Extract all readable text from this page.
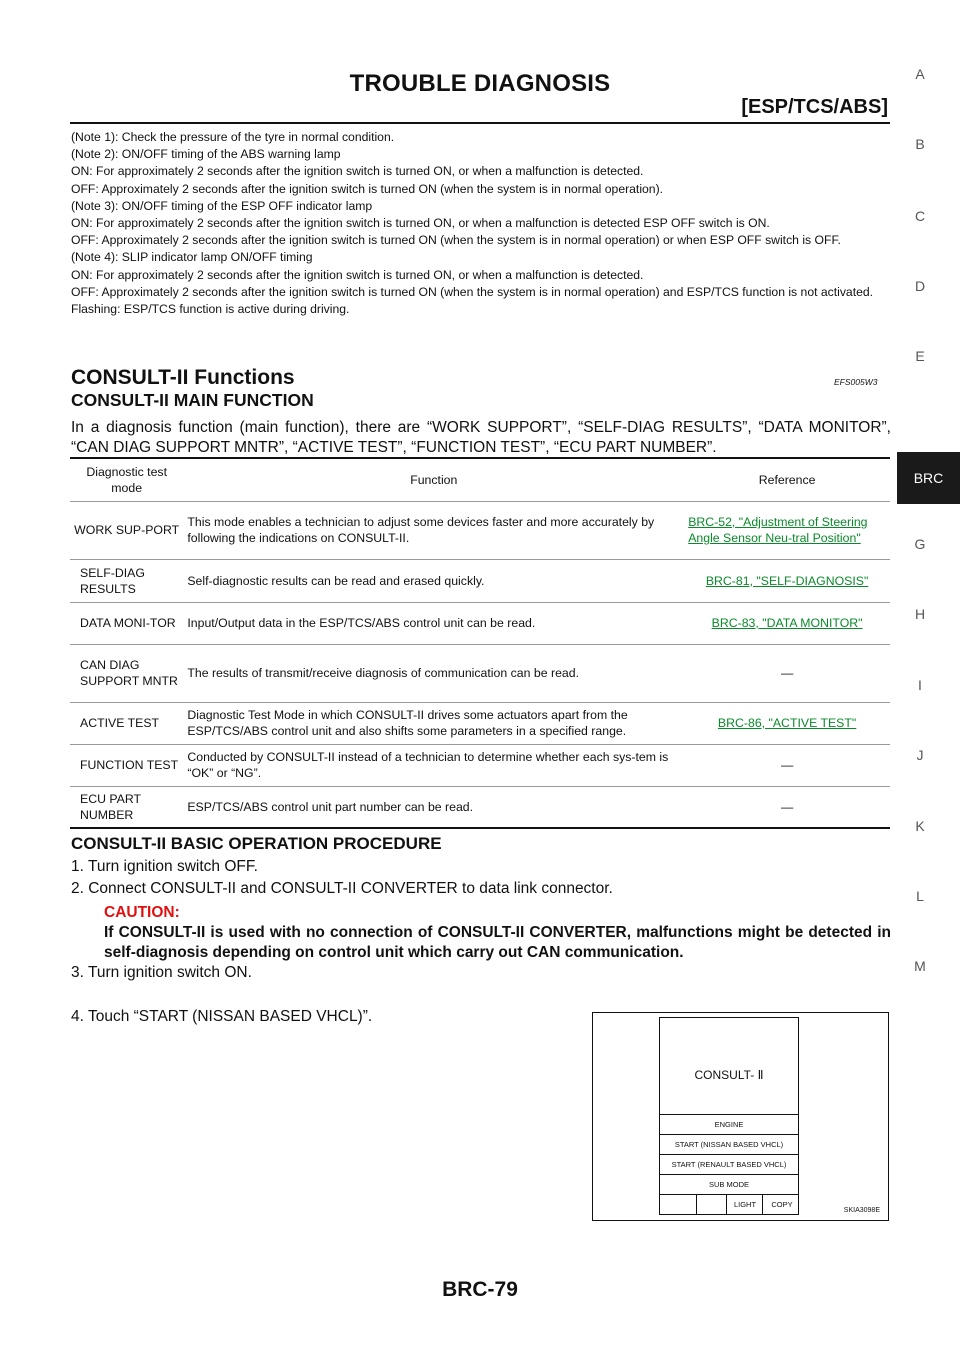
TROUBLE DIAGNOSIS
[ESP/TCS/ABS]

(Note 1): Check the pressure of the tyre in normal condition.

(Note 2): ON/OFF timing of the ABS warning lamp

ON: For approximately 2 seconds after the ignition switch is turned ON, or when a malfunction is detected.

OFF: Approximately 2 seconds after the ignition switch is turned ON (when the system is in normal operation).

(Note 3): ON/OFF timing of the ESP OFF indicator lamp

ON: For approximately 2 seconds after the ignition switch is turned ON, or when a malfunction is detected ESP OFF switch is ON.

OFF: Approximately 2 seconds after the ignition switch is turned ON (when the system is in normal operation) or when ESP OFF switch is OFF.

(Note 4): SLIP indicator lamp ON/OFF timing

ON: For approximately 2 seconds after the ignition switch is turned ON, or when a malfunction is detected.

OFF: Approximately 2 seconds after the ignition switch is turned ON (when the system is in normal operation) and ESP/TCS function is not activated.

Flashing: ESP/TCS function is active during driving.

CONSULT-II Functions	EFS005W3
CONSULT-II MAIN FUNCTION
In a diagnosis function (main function), there are “WORK SUPPORT”, “SELF-DIAG RESULTS”, “DATA MONITOR”, “CAN DIAG SUPPORT MNTR”, “ACTIVE TEST”, “FUNCTION TEST”, “ECU PART NUMBER”.
Diagnostic test mode	Function	Reference
WORK SUP-PORT	This mode enables a technician to adjust some devices faster and more accurately by following the indications on CONSULT-II.	BRC-52, "Adjustment of Steering Angle Sensor Neu-tral Position"
SELF-DIAG RESULTS	Self-diagnostic results can be read and erased quickly.	BRC-81, "SELF-DIAGNOSIS"
DATA MONI-TOR	Input/Output data in the ESP/TCS/ABS control unit can be read.	BRC-83, "DATA MONITOR"
CAN DIAG SUPPORT MNTR	The results of transmit/receive diagnosis of communication can be read.	—
ACTIVE TEST	Diagnostic Test Mode in which CONSULT-II drives some actuators apart from the ESP/TCS/ABS control unit and also shifts some parameters in a specified range.	BRC-86, "ACTIVE TEST"
FUNCTION TEST	Conducted by CONSULT-II instead of a technician to determine whether each sys-tem is “OK” or “NG”.	—
ECU PART NUMBER	ESP/TCS/ABS control unit part number can be read.	—
CONSULT-II BASIC OPERATION PROCEDURE
1. Turn ignition switch OFF.
2. Connect CONSULT-II and CONSULT-II CONVERTER to data link connector.
CAUTION:
If CONSULT-II is used with no connection of CONSULT-II CONVERTER, malfunctions might be detected in self-diagnosis depending on control unit which carry out CAN communication.
3. Turn ignition switch ON.
4. Touch “START (NISSAN BASED VHCL)”.
CONSULT- Ⅱ
ENGINE
START (NISSAN BASED VHCL)
START (RENAULT BASED VHCL)
SUB MODE
LIGHT	COPY
SKIA3098E
A
B
C
D
E
BRC
G
H
I
J
K
L
M
BRC-79
